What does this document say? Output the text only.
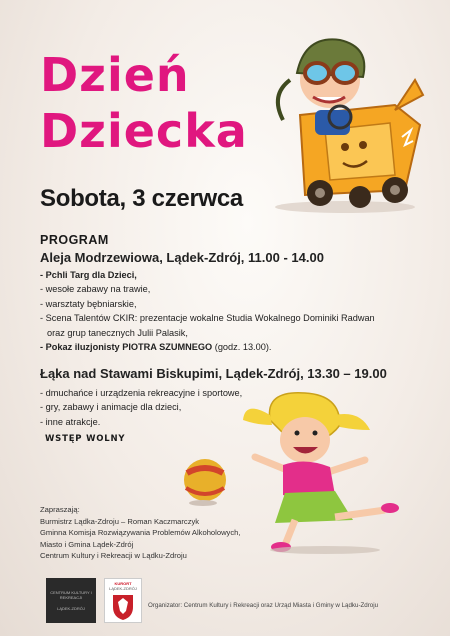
Dzień
Dziecka
Sobota, 3 czerwca
PROGRAM
Aleja Modrzewiowa, Lądek-Zdrój, 11.00 - 14.00
- Pchli Targ dla Dzieci,
- wesołe zabawy na trawie,
- warsztaty bębniarskie,
- Scena Talentów CKIR: prezentacje wokalne Studia Wokalnego Dominiki Radwan
oraz grup tanecznych Julii Palasik,
- Pokaz iluzjonisty PIOTRA SZUMNEGO (godz. 13.00).
Łąka nad Stawami Biskupimi, Lądek-Zdrój, 13.30 – 19.00
- dmuchańce i urządzenia rekreacyjne i sportowe,
- gry, zabawy i animacje dla dzieci,
- inne atrakcje.
WSTĘP WOLNY
Zapraszają:
Burmistrz Lądka-Zdroju – Roman Kaczmarczyk
Gminna Komisja Rozwiązywania Problemów Alkoholowych,
Miasto i Gmina Lądek-Zdrój
Centrum Kultury i Rekreacji w Lądku-Zdroju
CENTRUM KULTURY I REKREACJI
LĄDEK-ZDRÓJ
KURORT
LĄDEK-ZDRÓJ
Organizator: Centrum Kultury i Rekreacji oraz Urząd Miasta i Gminy w Lądku-Zdroju
